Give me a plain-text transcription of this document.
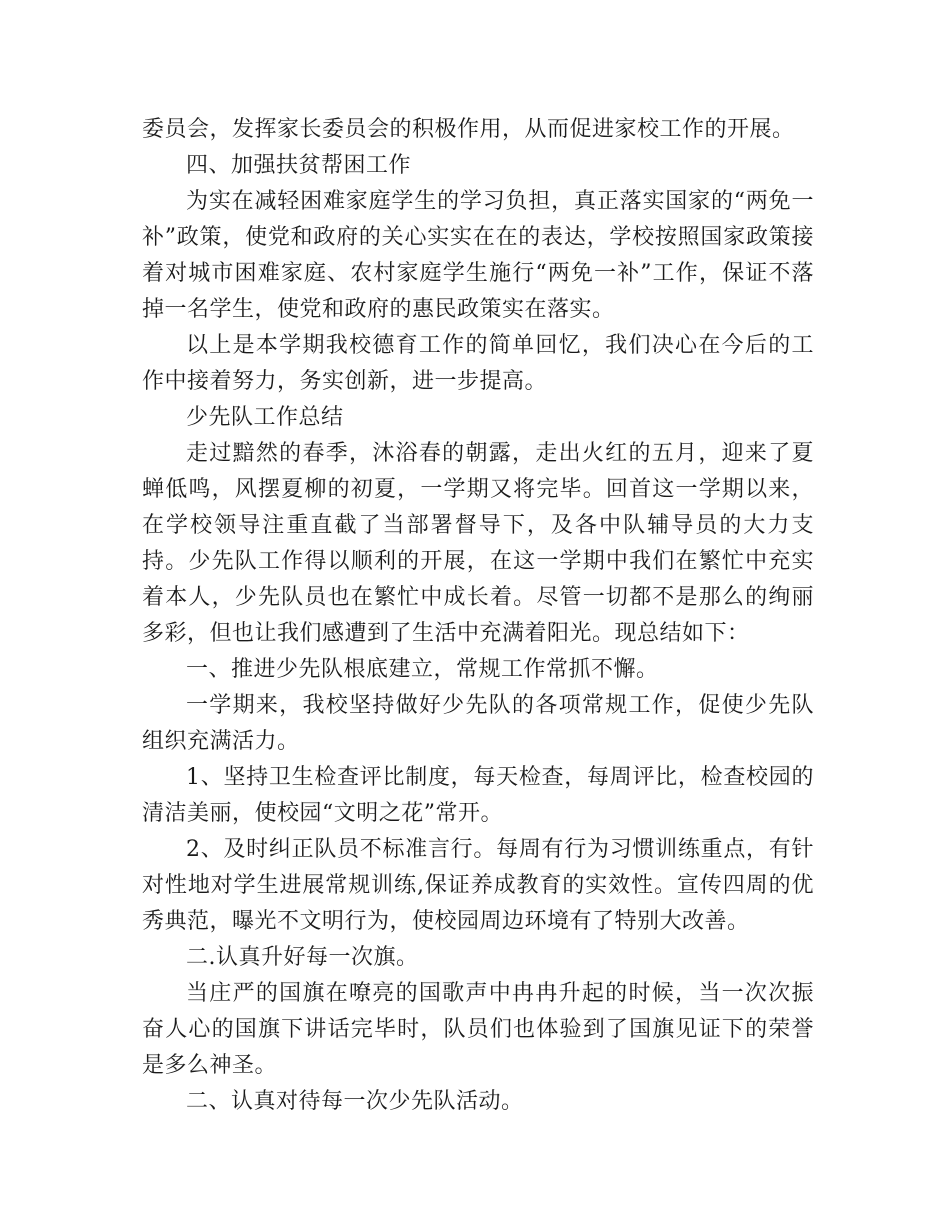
委员会，发挥家长委员会的积极作用，从而促进家校工作的开展。

四、加强扶贫帮困工作

为实在减轻困难家庭学生的学习负担，真正落实国家的“两免一补”政策，使党和政府的关心实实在在的表达，学校按照国家政策接着对城市困难家庭、农村家庭学生施行“两免一补”工作，保证不落掉一名学生，使党和政府的惠民政策实在落实。

以上是本学期我校德育工作的简单回忆，我们决心在今后的工作中接着努力，务实创新，进一步提高。

少先队工作总结

走过黯然的春季，沐浴春的朝露，走出火红的五月，迎来了夏蝉低鸣，风摆夏柳的初夏，一学期又将完毕。回首这一学期以来，在学校领导注重直截了当部署督导下，及各中队辅导员的大力支持。少先队工作得以顺利的开展，在这一学期中我们在繁忙中充实着本人，少先队员也在繁忙中成长着。尽管一切都不是那么的绚丽多彩，但也让我们感遭到了生活中充满着阳光。现总结如下：

一、推进少先队根底建立，常规工作常抓不懈。

一学期来，我校坚持做好少先队的各项常规工作，促使少先队组织充满活力。

1、坚持卫生检查评比制度，每天检查，每周评比，检查校园的清洁美丽，使校园“文明之花”常开。

2、及时纠正队员不标准言行。每周有行为习惯训练重点，有针对性地对学生进展常规训练,保证养成教育的实效性。宣传四周的优秀典范，曝光不文明行为，使校园周边环境有了特别大改善。

二.认真升好每一次旗。

当庄严的国旗在嘹亮的国歌声中冉冉升起的时候，当一次次振奋人心的国旗下讲话完毕时，队员们也体验到了国旗见证下的荣誉是多么神圣。

二、认真对待每一次少先队活动。
